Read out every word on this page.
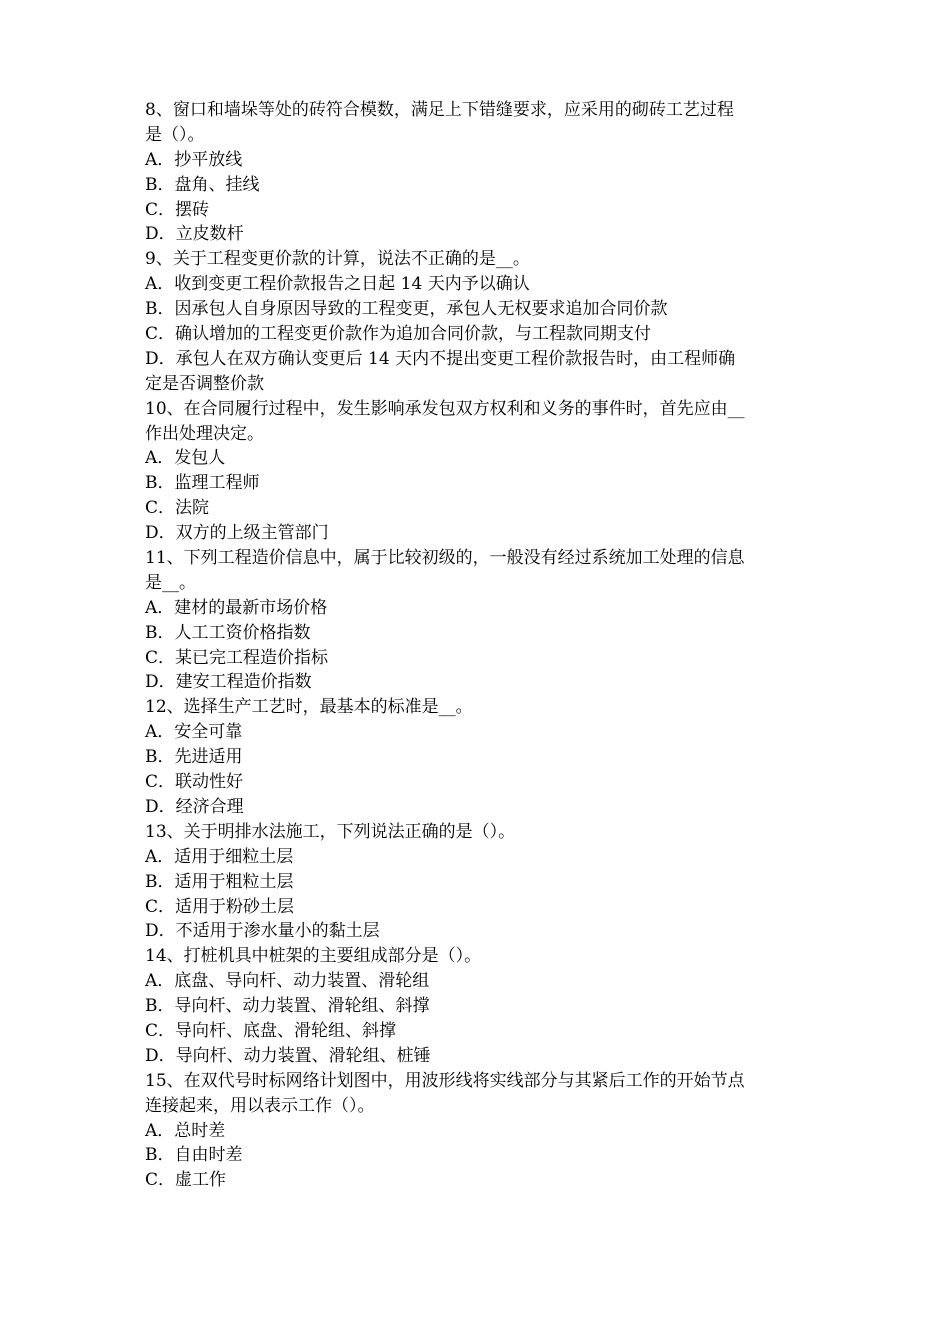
8、窗口和墙垛等处的砖符合模数，满足上下错缝要求，应采用的砌砖工艺过程
是（）。
A．抄平放线
B．盘角、挂线
C．摆砖
D．立皮数杆
9、关于工程变更价款的计算，说法不正确的是__。
A．收到变更工程价款报告之日起 14 天内予以确认
B．因承包人自身原因导致的工程变更，承包人无权要求追加合同价款
C．确认增加的工程变更价款作为追加合同价款，与工程款同期支付
D．承包人在双方确认变更后 14 天内不提出变更工程价款报告时，由工程师确
定是否调整价款
10、在合同履行过程中，发生影响承发包双方权利和义务的事件时，首先应由__
作出处理决定。
A．发包人
B．监理工程师
C．法院
D．双方的上级主管部门
11、下列工程造价信息中，属于比较初级的，一般没有经过系统加工处理的信息
是__。
A．建材的最新市场价格
B．人工工资价格指数
C．某已完工程造价指标
D．建安工程造价指数
12、选择生产工艺时，最基本的标准是__。
A．安全可靠
B．先进适用
C．联动性好
D．经济合理
13、关于明排水法施工，下列说法正确的是（）。
A．适用于细粒土层
B．适用于粗粒土层
C．适用于粉砂土层
D．不适用于渗水量小的黏土层
14、打桩机具中桩架的主要组成部分是（）。
A．底盘、导向杆、动力装置、滑轮组
B．导向杆、动力装置、滑轮组、斜撑
C．导向杆、底盘、滑轮组、斜撑
D．导向杆、动力装置、滑轮组、桩锤
15、在双代号时标网络计划图中，用波形线将实线部分与其紧后工作的开始节点
连接起来，用以表示工作（）。
A．总时差
B．自由时差
C．虚工作
